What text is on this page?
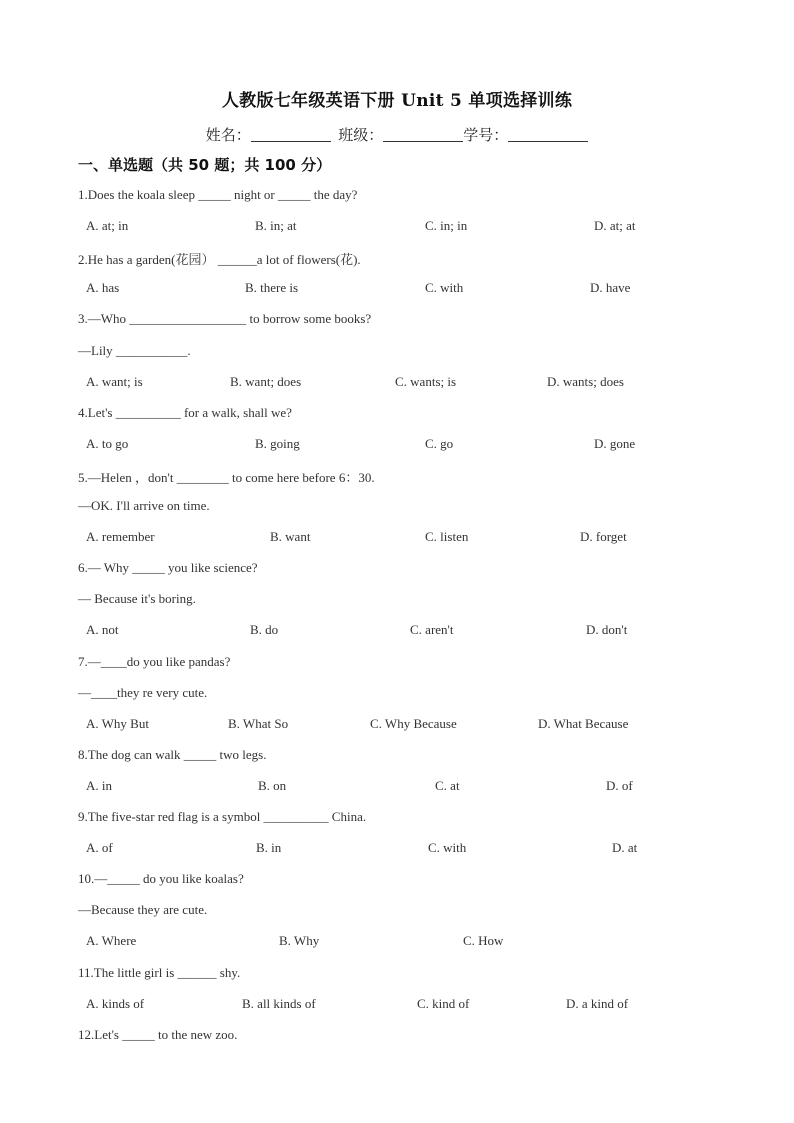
人教版七年级英语下册 Unit 5 单项选择训练
姓名：	班级：	学号：
一、单选题（共 50 题；共 100 分）
1.Does the koala sleep _____ night or _____ the day?
A. at; in	B. in; at	C. in; in	D. at; at
2.He has a garden(花园） ______a lot of flowers(花).
A. has	B. there is	C. with	D. have
3.—Who __________________ to borrow some books?
—Lily ___________.
A. want; is	B. want; does	C. wants; is	D. wants; does
4.Let's __________ for a walk, shall we?
A. to go	B. going	C. go	D. gone
5.—Helen ，don't ________ to come here before 6：30.
—OK. I'll arrive on time.
A. remember	B. want	C. listen	D. forget
6.— Why _____ you like science?
— Because it's boring.
A. not	B. do	C. aren't	D. don't
7.—____do you like pandas?
—____they re very cute.
A. Why But	B. What So	C. Why Because	D. What Because
8.The dog can walk _____ two legs.
A. in	B. on	C. at	D. of
9.The five-star red flag is a symbol __________ China.
A. of	B. in	C. with	D. at
10.—_____ do you like koalas?
—Because they are cute.
A. Where	B. Why	C. How
11.The little girl is ______ shy.
A. kinds of	B. all kinds of	C. kind of	D. a kind of
12.Let's _____ to the new zoo.
